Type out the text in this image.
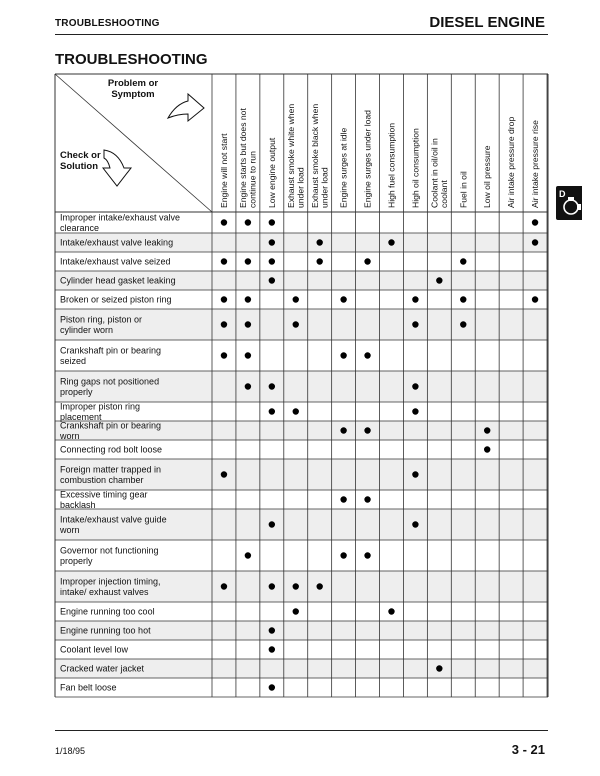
TROUBLESHOOTING	DIESEL ENGINE
TROUBLESHOOTING
Engine will not start Engine starts but does notcontinue to run Low engine output Exhaust smoke white whenunder load Exhaust smoke black whenunder load Engine surges at idle Engine surges under load High fuel consumption High oil consumption Coolant in oil/oil incoolant Fuel in oil Low oil pressure Air intake pressure drop Air intake pressure rise
Problem or Symptom
Check or Solution
Improper intake/exhaust valve clearance
Intake/exhaust valve leaking
Intake/exhaust valve seized
Cylinder head gasket leaking
Broken or seized piston ring
Piston ring, piston or cylinder worn
Crankshaft pin or bearing seized
Ring gaps not positioned properly
Improper piston ring placement
Crankshaft pin or bearing worn
Connecting rod bolt loose
Foreign matter trapped in combustion chamber
Excessive timing gear backlash
Intake/exhaust valve guide worn
Governor not functioning properly
Improper injection timing, intake/ exhaust valves
Engine running too cool
Engine running too hot
Coolant level low
Cracked water jacket
Fan belt loose
D
1/18/95	3 - 21
